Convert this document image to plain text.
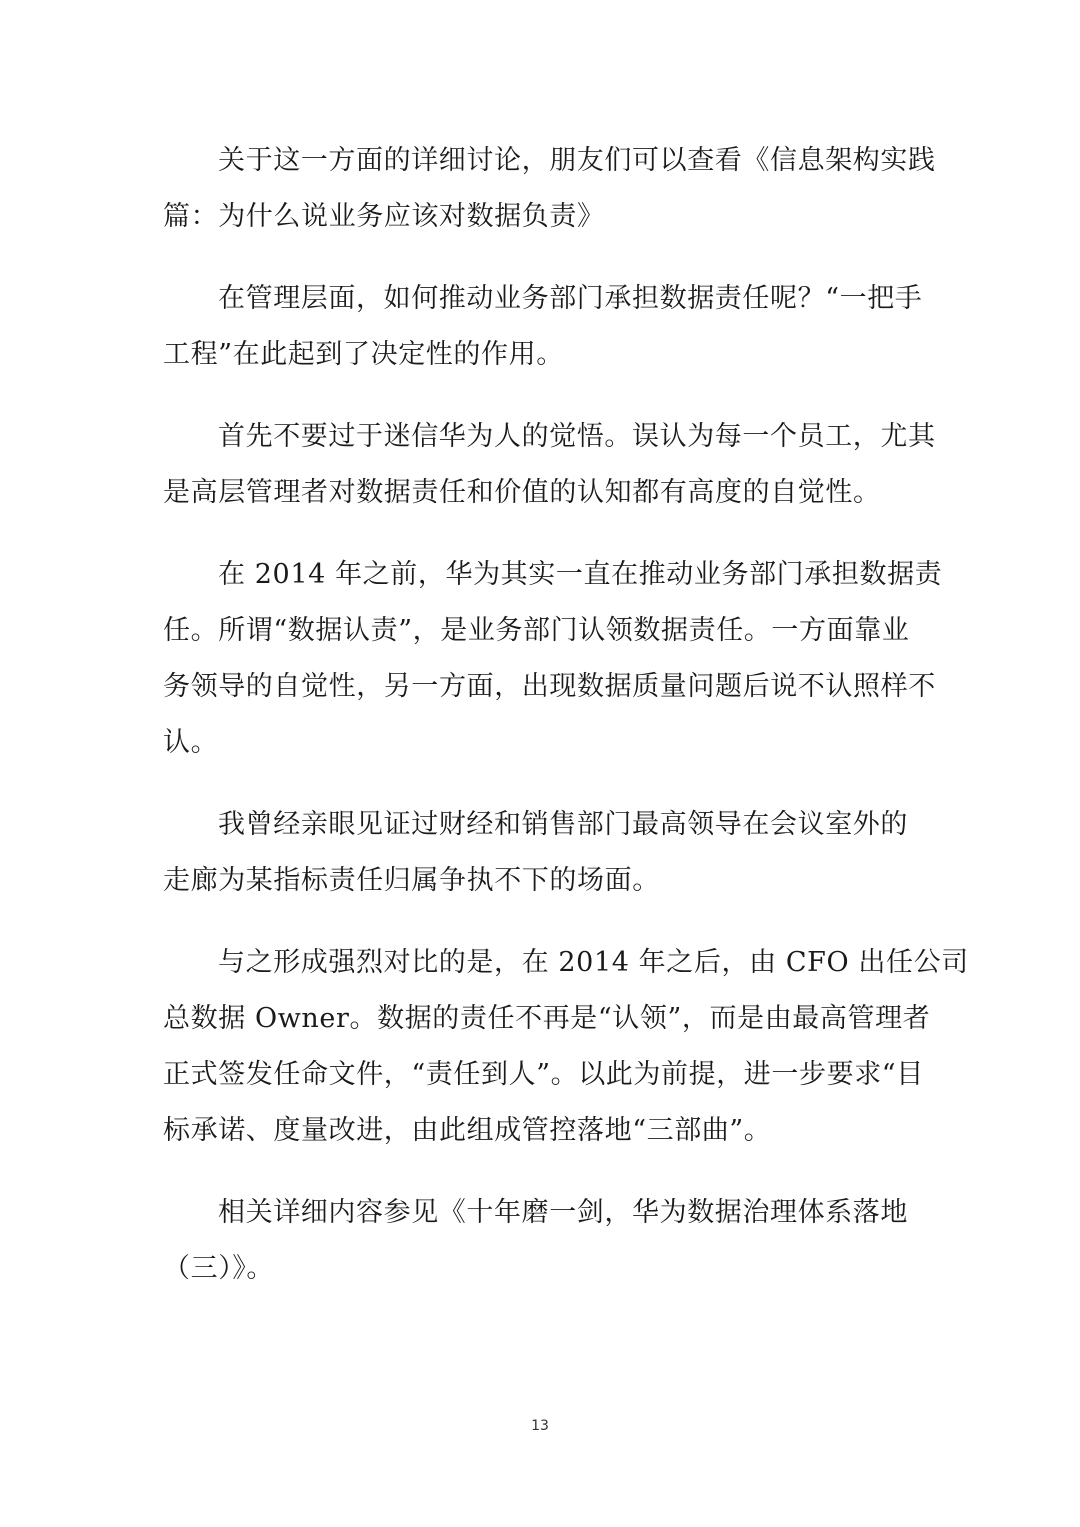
关于这一方面的详细讨论，朋友们可以查看《信息架构实践
篇：为什么说业务应该对数据负责》
在管理层面，如何推动业务部门承担数据责任呢？“一把手
工程”在此起到了决定性的作用。
首先不要过于迷信华为人的觉悟。误认为每一个员工，尤其
是高层管理者对数据责任和价值的认知都有高度的自觉性。
在 2014 年之前，华为其实一直在推动业务部门承担数据责
任。所谓“数据认责”，是业务部门认领数据责任。一方面靠业
务领导的自觉性，另一方面，出现数据质量问题后说不认照样不
认。
我曾经亲眼见证过财经和销售部门最高领导在会议室外的
走廊为某指标责任归属争执不下的场面。
与之形成强烈对比的是，在 2014 年之后，由 CFO 出任公司
总数据 Owner。数据的责任不再是“认领”，而是由最高管理者
正式签发任命文件，“责任到人”。以此为前提，进一步要求“目
标承诺、度量改进，由此组成管控落地“三部曲”。
相关详细内容参见《十年磨一剑，华为数据治理体系落地
（三）》。
13
